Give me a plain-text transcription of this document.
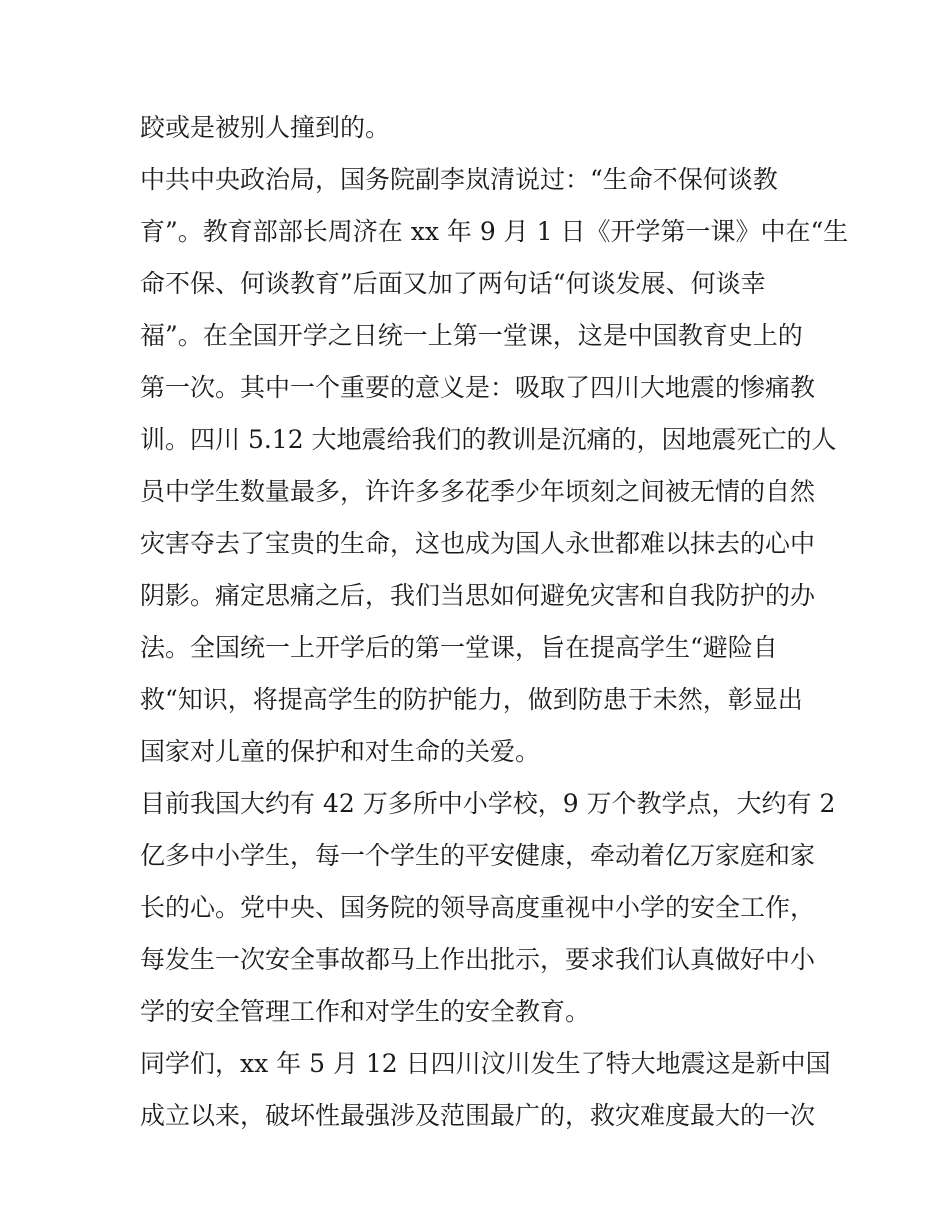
跤或是被别人撞到的。
中共中央政治局，国务院副李岚清说过：“生命不保何谈教
育”。教育部部长周济在 xx 年 9 月 1 日《开学第一课》中在“生
命不保、何谈教育”后面又加了两句话“何谈发展、何谈幸
福”。在全国开学之日统一上第一堂课，这是中国教育史上的
第一次。其中一个重要的意义是：吸取了四川大地震的惨痛教
训。四川 5.12 大地震给我们的教训是沉痛的，因地震死亡的人
员中学生数量最多，许许多多花季少年顷刻之间被无情的自然
灾害夺去了宝贵的生命，这也成为国人永世都难以抹去的心中
阴影。痛定思痛之后，我们当思如何避免灾害和自我防护的办
法。全国统一上开学后的第一堂课，旨在提高学生“避险自
救“知识，将提高学生的防护能力，做到防患于未然，彰显出
国家对儿童的保护和对生命的关爱。
目前我国大约有 42 万多所中小学校，9 万个教学点，大约有 2
亿多中小学生，每一个学生的平安健康，牵动着亿万家庭和家
长的心。党中央、国务院的领导高度重视中小学的安全工作，
每发生一次安全事故都马上作出批示，要求我们认真做好中小
学的安全管理工作和对学生的安全教育。
同学们，xx 年 5 月 12 日四川汶川发生了特大地震这是新中国
成立以来，破坏性最强涉及范围最广的，救灾难度最大的一次
